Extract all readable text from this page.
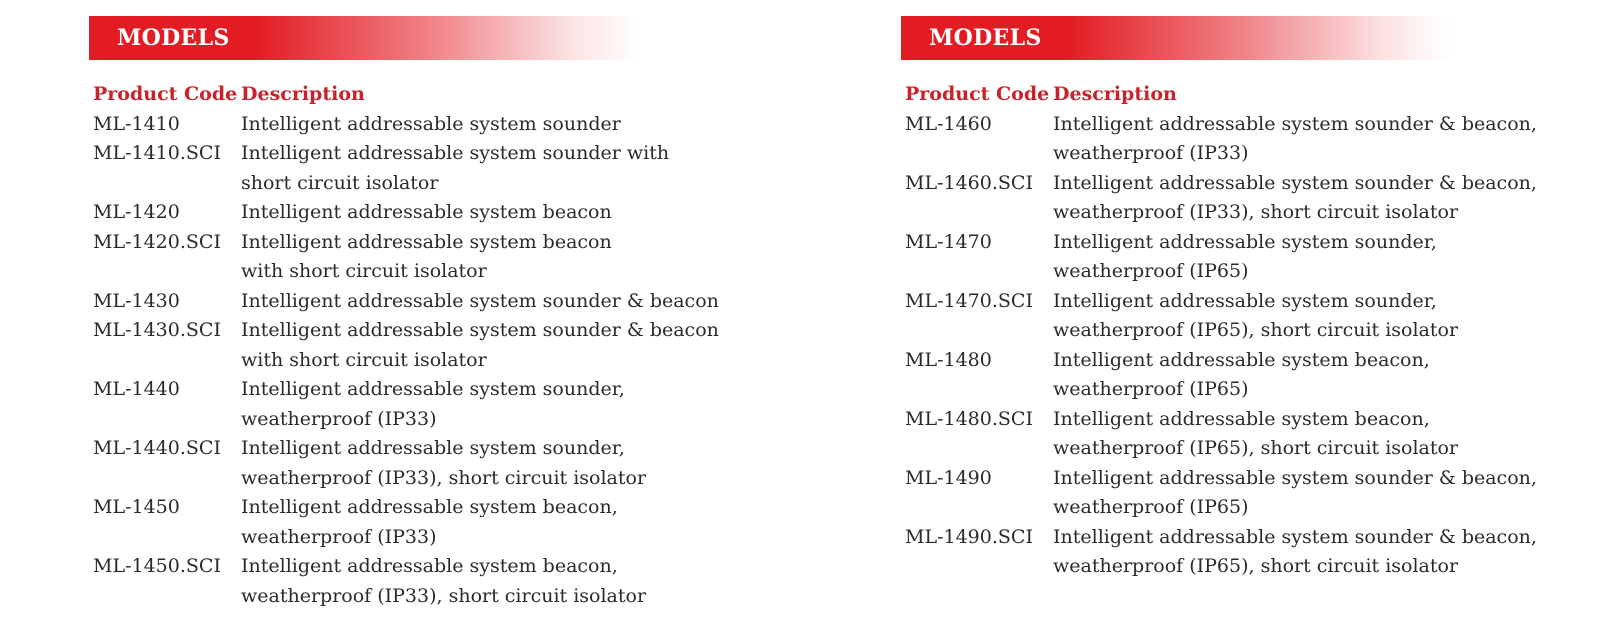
MODELS
Product Code	Description
ML-1410	Intelligent addressable system sounder

ML-1410.SCI	Intelligent addressable system sounder with
short circuit isolator

ML-1420	Intelligent addressable system beacon

ML-1420.SCI	Intelligent addressable system beacon
with short circuit isolator

ML-1430	Intelligent addressable system sounder & beacon

ML-1430.SCI	Intelligent addressable system sounder & beacon
with short circuit isolator

ML-1440	Intelligent addressable system sounder,
weatherproof (IP33)

ML-1440.SCI	Intelligent addressable system sounder,
weatherproof (IP33), short circuit isolator

ML-1450	Intelligent addressable system beacon,
weatherproof (IP33)

ML-1450.SCI	Intelligent addressable system beacon,
weatherproof (IP33), short circuit isolator
MODELS
Product Code	Description
ML-1460	Intelligent addressable system sounder & beacon,
weatherproof (IP33)

ML-1460.SCI	Intelligent addressable system sounder & beacon,
weatherproof (IP33), short circuit isolator

ML-1470	Intelligent addressable system sounder,
weatherproof (IP65)

ML-1470.SCI	Intelligent addressable system sounder,
weatherproof (IP65), short circuit isolator

ML-1480	Intelligent addressable system beacon,
weatherproof (IP65)

ML-1480.SCI	Intelligent addressable system beacon,
weatherproof (IP65), short circuit isolator

ML-1490	Intelligent addressable system sounder & beacon,
weatherproof (IP65)

ML-1490.SCI	Intelligent addressable system sounder & beacon,
weatherproof (IP65), short circuit isolator
